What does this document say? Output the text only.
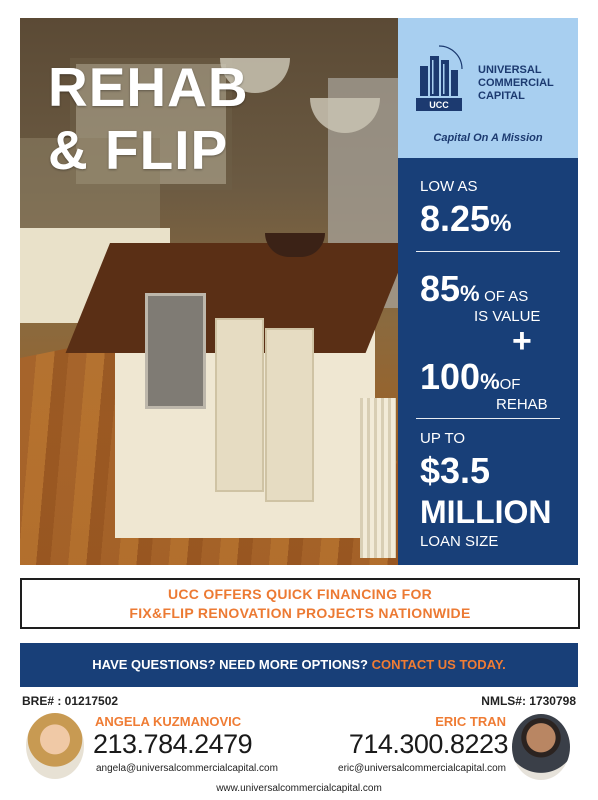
REHAB
& FLIP
UCC
UNIVERSAL
COMMERCIAL
CAPITAL
Capital On A Mission
LOW AS
8.25%
85% OF AS
IS VALUE
+
100%OF
REHAB
UP TO
$3.5
MILLION
LOAN SIZE
UCC OFFERS QUICK FINANCING FOR
FIX&FLIP RENOVATION PROJECTS NATIONWIDE
HAVE QUESTIONS? NEED MORE OPTIONS? CONTACT US TODAY.
BRE# : 01217502	NMLS#: 1730798
ANGELA KUZMANOVIC
213.784.2479
angela@universalcommercialcapital.com
ERIC TRAN
714.300.8223
eric@universalcommercialcapital.com
www.universalcommercialcapital.com
